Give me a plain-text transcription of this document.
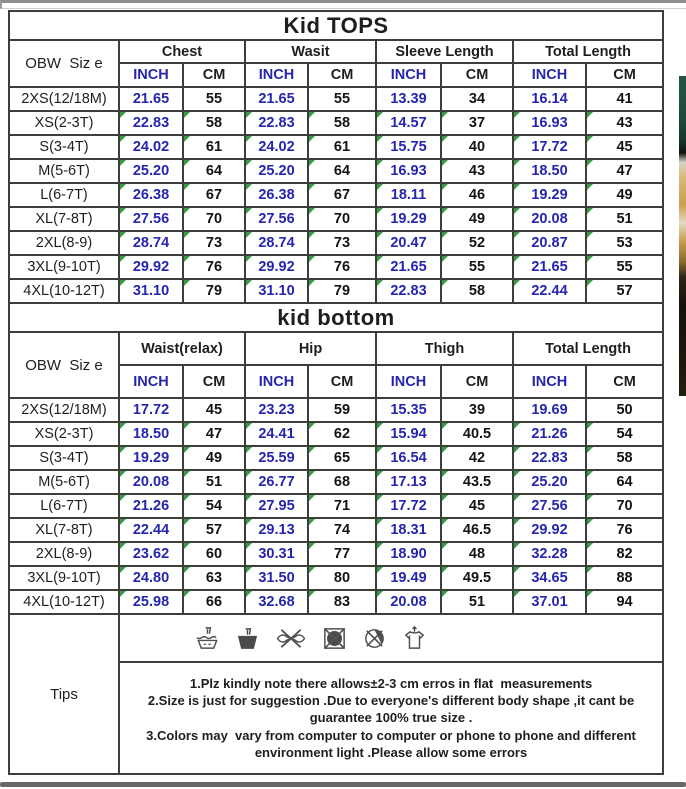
Kid TOPS								
OBW  Siz e	Chest		Wasit		Sleeve Length		Total Length	
	INCH	CM	INCH	CM	INCH	CM	INCH	CM
2XS(12/18M)	21.65	55	21.65	55	13.39	34	16.14	41
XS(2-3T)	22.83	58	22.83	58	14.57	37	16.93	43
S(3-4T)	24.02	61	24.02	61	15.75	40	17.72	45
M(5-6T)	25.20	64	25.20	64	16.93	43	18.50	47
L(6-7T)	26.38	67	26.38	67	18.11	46	19.29	49
XL(7-8T)	27.56	70	27.56	70	19.29	49	20.08	51
2XL(8-9)	28.74	73	28.74	73	20.47	52	20.87	53
3XL(9-10T)	29.92	76	29.92	76	21.65	55	21.65	55
4XL(10-12T)	31.10	79	31.10	79	22.83	58	22.44	57
kid bottom								
OBW  Siz e	Waist(relax)		Hip		Thigh		Total Length	
	INCH	CM	INCH	CM	INCH	CM	INCH	CM
2XS(12/18M)	17.72	45	23.23	59	15.35	39	19.69	50
XS(2-3T)	18.50	47	24.41	62	15.94	40.5	21.26	54
S(3-4T)	19.29	49	25.59	65	16.54	42	22.83	58
M(5-6T)	20.08	51	26.77	68	17.13	43.5	25.20	64
L(6-7T)	21.26	54	27.95	71	17.72	45	27.56	70
XL(7-8T)	22.44	57	29.13	74	18.31	46.5	29.92	76
2XL(8-9)	23.62	60	30.31	77	18.90	48	32.28	82
3XL(9-10T)	24.80	63	31.50	80	19.49	49.5	34.65	88
4XL(10-12T)	25.98	66	32.68	83	20.08	51	37.01	94
Tips	

	1.Plz kindly note there allows±2-3 cm erros in flat  measurements
2.Size is just for suggestion .Due to everyone's different body shape ,it cant be guarantee 100% true size .
3.Colors may  vary from computer to computer or phone to phone and different environment light .Please allow some errors							
